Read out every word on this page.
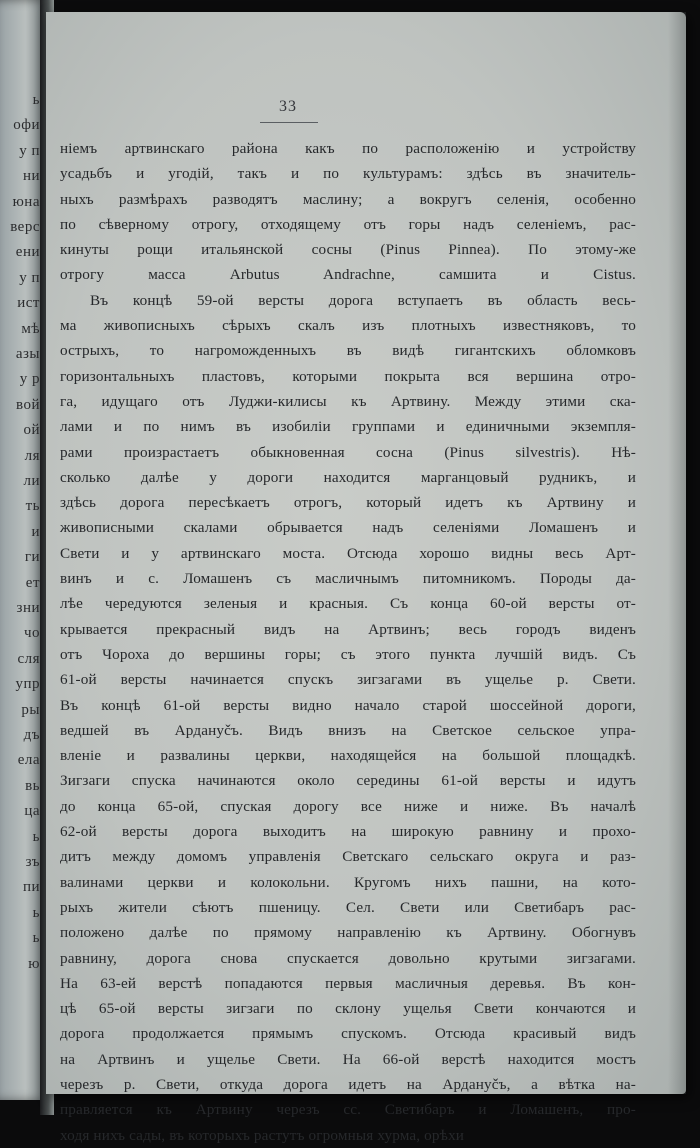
ь
офи
у п
ни
юна
верс
ени
у п
ист
мѣ
азы
у р
вой
ой
ля
ли
ть
и
ги
ет
зни
чо
сля
упр
ры
дъ
ела
вь
ца
ь
зъ
пи
ь
ь
ю
33
ніемъ артвинскаго района какъ по расположенію и устройству
усадьбъ и угодій, такъ и по культурамъ: здѣсь въ значитель-
ныхъ размѣрахъ разводятъ маслину; а вокругъ селенія, особенно
по сѣверному отрогу, отходящему отъ горы надъ селеніемъ, рас-
кинуты рощи итальянской сосны (Pinus Pinnea). По этому-же
отрогу масса Arbutus Andrachne, самшита и Cistus.
Въ концѣ 59-ой версты дорога вступаетъ въ область весь-
ма живописныхъ сѣрыхъ скалъ изъ плотныхъ известняковъ, то
острыхъ, то нагроможденныхъ въ видѣ гигантскихъ обломковъ
горизонтальныхъ пластовъ, которыми покрыта вся вершина отро-
га, идущаго отъ Луджи-килисы къ Артвину. Между этими ска-
лами и по нимъ въ изобиліи группами и единичными экземпля-
рами произрастаетъ обыкновенная сосна (Pinus silvestris). Нѣ-
сколько далѣе у дороги находится марганцовый рудникъ, и
здѣсь дорога пересѣкаетъ отрогъ, который идетъ къ Артвину и
живописными скалами обрывается надъ селеніями Ломашенъ и
Свети и у артвинскаго моста. Отсюда хорошо видны весь Арт-
винъ и с. Ломашенъ съ масличнымъ питомникомъ. Породы да-
лѣе чередуются зеленыя и красныя. Съ конца 60-ой версты от-
крывается прекрасный видъ на Артвинъ; весь городъ виденъ
отъ Чороха до вершины горы; съ этого пункта лучшій видъ. Съ
61-ой версты начинается спускъ зигзагами въ ущелье р. Свети.
Въ концѣ 61-ой версты видно начало старой шоссейной дороги,
ведшей въ Ардануčъ. Видъ внизъ на Светское сельское упра-
вленіе и развалины церкви, находящейся на большой площадкѣ.
Зигзаги спуска начинаются около середины 61-ой версты и идутъ
до конца 65-ой, спуская дорогу все ниже и ниже. Въ началѣ
62-ой версты дорога выходитъ на широкую равнину и прохо-
дитъ между домомъ управленія Светскаго сельскаго округа и раз-
валинами церкви и колокольни. Кругомъ нихъ пашни, на кото-
рыхъ жители сѣютъ пшеницу. Сел. Свети или Светибаръ рас-
положено далѣе по прямому направленію къ Артвину. Обогнувъ
равнину, дорога снова спускается довольно крутыми зигзагами.
На 63-ей верстѣ попадаются первыя масличныя деревья. Въ кон-
цѣ 65-ой версты зигзаги по склону ущелья Свети кончаются и
дорога продолжается прямымъ спускомъ. Отсюда красивый видъ
на Артвинъ и ущелье Свети. На 66-ой верстѣ находится мостъ
черезъ р. Свети, откуда дорога идетъ на Ардануčъ, а вѣтка на-
правляется къ Артвину черезъ сс. Светибаръ и Ломашенъ, про-
ходя нихъ сады, въ которыхъ растутъ огромныя хурма, орѣхи
